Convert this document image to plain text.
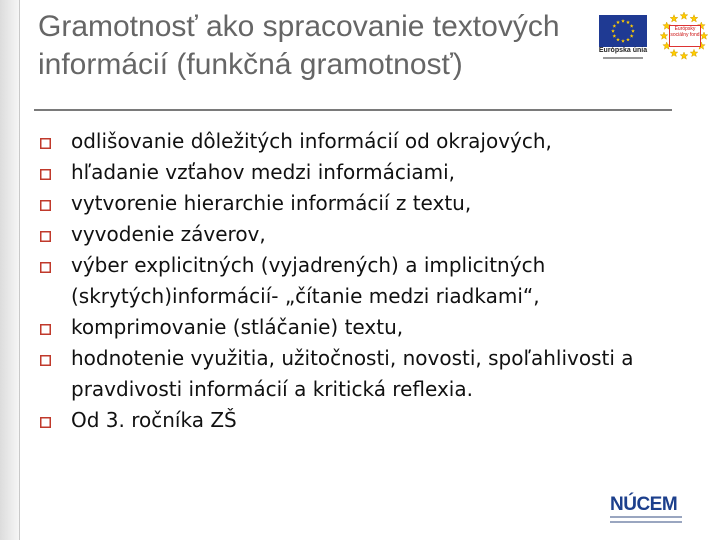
Gramotnosť ako spracovanie textových informácií (funkčná gramotnosť)	Európska únia
Európsky sociálny fond
odlišovanie dôležitých informácií od okrajových,
hľadanie vzťahov medzi informáciami,
vytvorenie hierarchie informácií z textu,
vyvodenie záverov,
výber explicitných (vyjadrených) a implicitných (skrytých)informácií- „čítanie medzi riadkami“,
komprimovanie (stláčanie) textu,
hodnotenie využitia, užitočnosti, novosti, spoľahlivosti a pravdivosti informácií a kritická reflexia.
Od 3. ročníka ZŠ
NÚCEM
